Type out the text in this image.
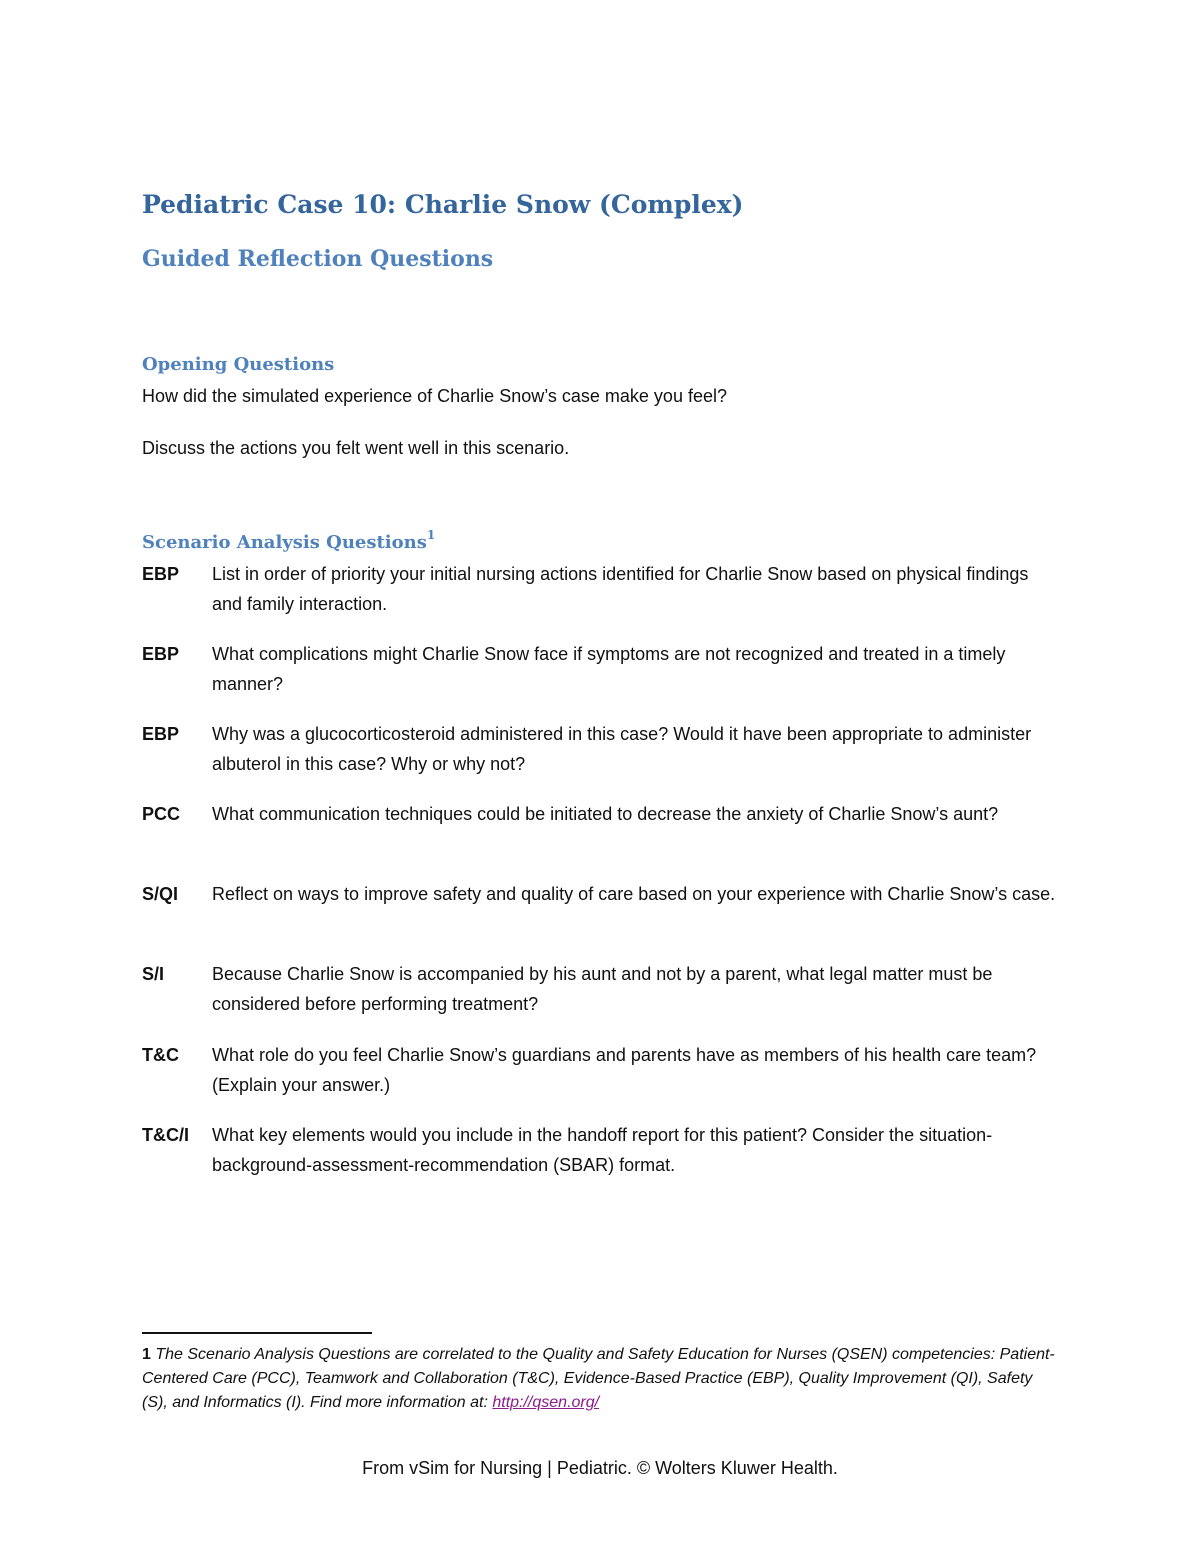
Pediatric Case 10: Charlie Snow (Complex)
Guided Reflection Questions
Opening Questions
How did the simulated experience of Charlie Snow’s case make you feel?
Discuss the actions you felt went well in this scenario.
Scenario Analysis Questions$^1$
EBP	List in order of priority your initial nursing actions identified for Charlie Snow based on physical findings and family interaction.
EBP	What complications might Charlie Snow face if symptoms are not recognized and treated in a timely manner?
EBP	Why was a glucocorticosteroid administered in this case? Would it have been appropriate to administer albuterol in this case? Why or why not?
PCC	What communication techniques could be initiated to decrease the anxiety of Charlie Snow’s aunt?
S/QI	Reflect on ways to improve safety and quality of care based on your experience with Charlie Snow’s case.
S/I	Because Charlie Snow is accompanied by his aunt and not by a parent, what legal matter must be considered before performing treatment?
T&C	What role do you feel Charlie Snow’s guardians and parents have as members of his health care team? (Explain your answer.)
T&C/I	What key elements would you include in the handoff report for this patient? Consider the situation-background-assessment-recommendation (SBAR) format.
1 The Scenario Analysis Questions are correlated to the Quality and Safety Education for Nurses (QSEN) competencies: Patient-Centered Care (PCC), Teamwork and Collaboration (T&C), Evidence-Based Practice (EBP), Quality Improvement (QI), Safety (S), and Informatics (I). Find more information at: http://qsen.org/
From vSim for Nursing | Pediatric. © Wolters Kluwer Health.
